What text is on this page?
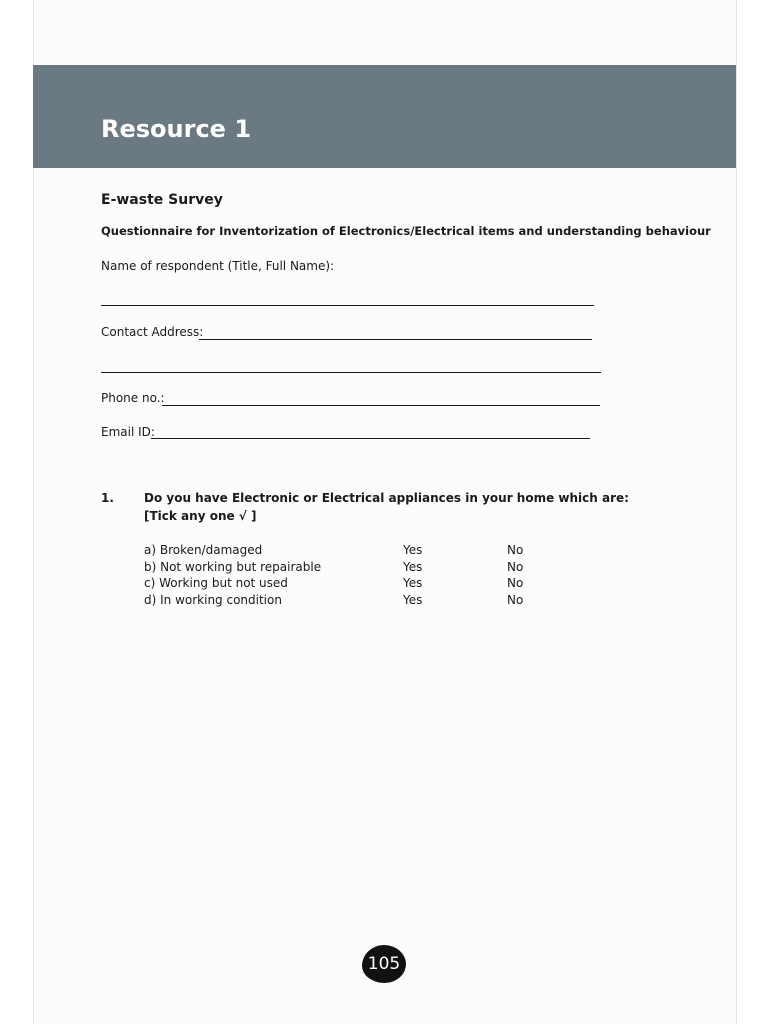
Resource 1
E-waste Survey
Questionnaire for Inventorization of Electronics/Electrical items and understanding behaviour
Name of respondent (Title, Full Name):
Contact Address:
Phone no.:
Email ID:
1.	Do you have Electronic or Electrical appliances in your home which are:
[Tick any one √ ]
a) Broken/damaged	Yes	No
b) Not working but repairable	Yes	No
c) Working but not used	Yes	No
d) In working condition	Yes	No
105
